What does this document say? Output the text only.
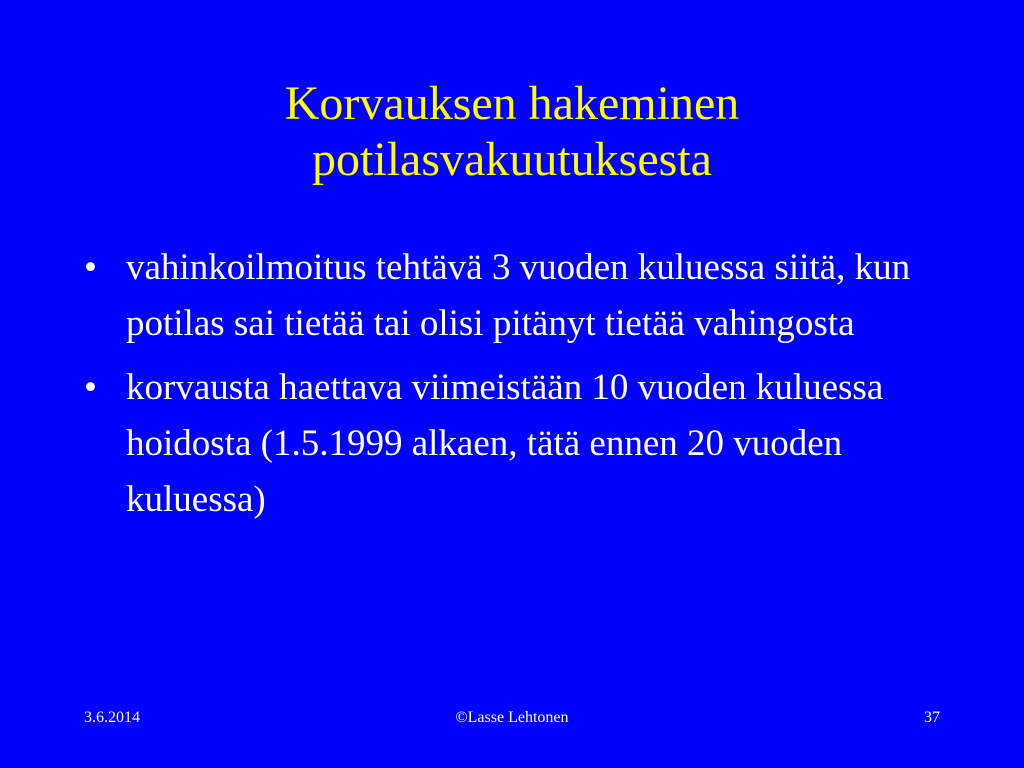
Korvauksen hakeminen
potilasvakuutuksesta
• vahinkoilmoitus tehtävä 3 vuoden kuluessa siitä, kun potilas sai tietää tai olisi pitänyt tietää vahingosta
• korvausta haettava viimeistään 10 vuoden kuluessa hoidosta (1.5.1999 alkaen, tätä ennen 20 vuoden kuluessa)
3.6.2014	©Lasse Lehtonen	37
